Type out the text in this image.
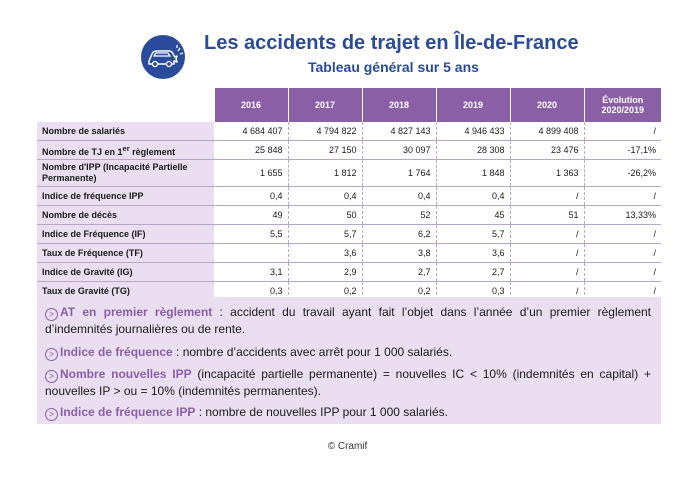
Les accidents de trajet en Île-de-France
Tableau général sur 5 ans
	2016	2017	2018	2019	2020	Évolution
2020/2019
Nombre de salariés	4 684 407	4 794 822	4 827 143	4 946 433	4 899 408	/
Nombre de TJ en 1er règlement	25 848	27 150	30 097	28 308	23 476	-17,1%
Nombre d'IPP (Incapacité Partielle Permanente)	1 655	1 812	1 764	1 848	1 363	-26,2%
Indice de fréquence IPP	0,4	0,4	0,4	0,4	/	/
Nombre de décès	49	50	52	45	51	13,33%
Indice de Fréquence (IF)	5,5	5,7	6,2	5,7	/	/
Taux de Fréquence (TF)		3,6	3,8	3,6	/	/
Indice de Gravité (IG)	3,1	2,9	2,7	2,7	/	/
Taux de Gravité (TG)	0,3	0,2	0,2	0,3	/	/
> AT en premier règlement : accident du travail ayant fait l’objet dans l’année d’un premier règlement d’indemnités journalières ou de rente.
> Indice de fréquence : nombre d’accidents avec arrêt pour 1 000 salariés.
> Nombre nouvelles IPP (incapacité partielle permanente) = nouvelles IC < 10% (indemnités en capital) + nouvelles IP > ou = 10% (indemnités permanentes).
> Indice de fréquence IPP : nombre de nouvelles IPP pour 1 000 salariés.
© Cramif
